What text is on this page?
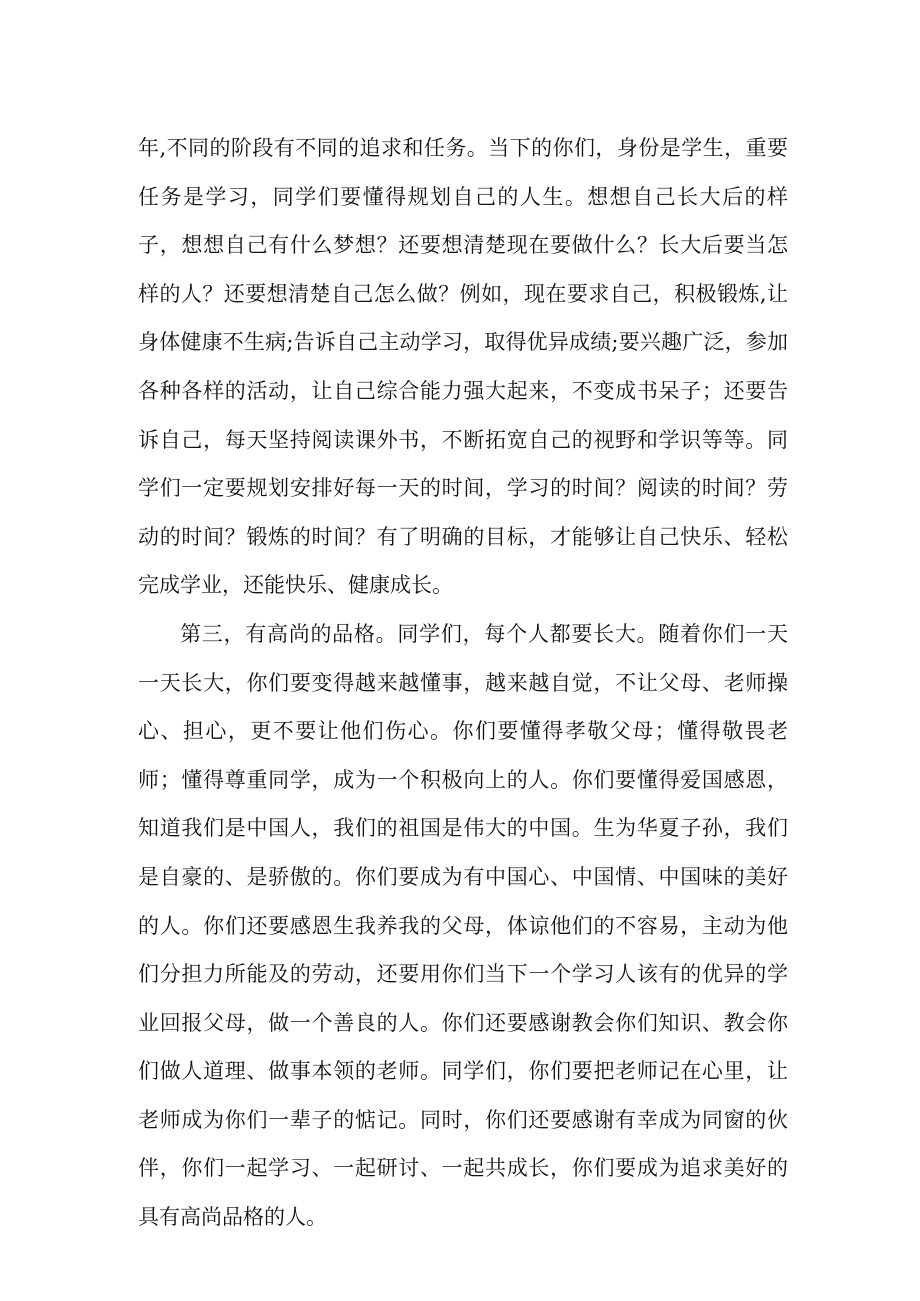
年,不同的阶段有不同的追求和任务。当下的你们，身份是学生，重要任务是学习，同学们要懂得规划自己的人生。想想自己长大后的样子，想想自己有什么梦想？还要想清楚现在要做什么？长大后要当怎样的人？还要想清楚自己怎么做？例如，现在要求自己，积极锻炼,让身体健康不生病;告诉自己主动学习，取得优异成绩;要兴趣广泛，参加各种各样的活动，让自己综合能力强大起来，不变成书呆子；还要告诉自己，每天坚持阅读课外书，不断拓宽自己的视野和学识等等。同学们一定要规划安排好每一天的时间，学习的时间？阅读的时间？劳动的时间？锻炼的时间？有了明确的目标，才能够让自己快乐、轻松完成学业，还能快乐、健康成长。

第三，有高尚的品格。同学们，每个人都要长大。随着你们一天一天长大，你们要变得越来越懂事，越来越自觉，不让父母、老师操心、担心，更不要让他们伤心。你们要懂得孝敬父母；懂得敬畏老师；懂得尊重同学，成为一个积极向上的人。你们要懂得爱国感恩，知道我们是中国人，我们的祖国是伟大的中国。生为华夏子孙，我们是自豪的、是骄傲的。你们要成为有中国心、中国情、中国味的美好的人。你们还要感恩生我养我的父母，体谅他们的不容易，主动为他们分担力所能及的劳动，还要用你们当下一个学习人该有的优异的学业回报父母，做一个善良的人。你们还要感谢教会你们知识、教会你们做人道理、做事本领的老师。同学们，你们要把老师记在心里，让老师成为你们一辈子的惦记。同时，你们还要感谢有幸成为同窗的伙伴，你们一起学习、一起研讨、一起共成长，你们要成为追求美好的具有高尚品格的人。
